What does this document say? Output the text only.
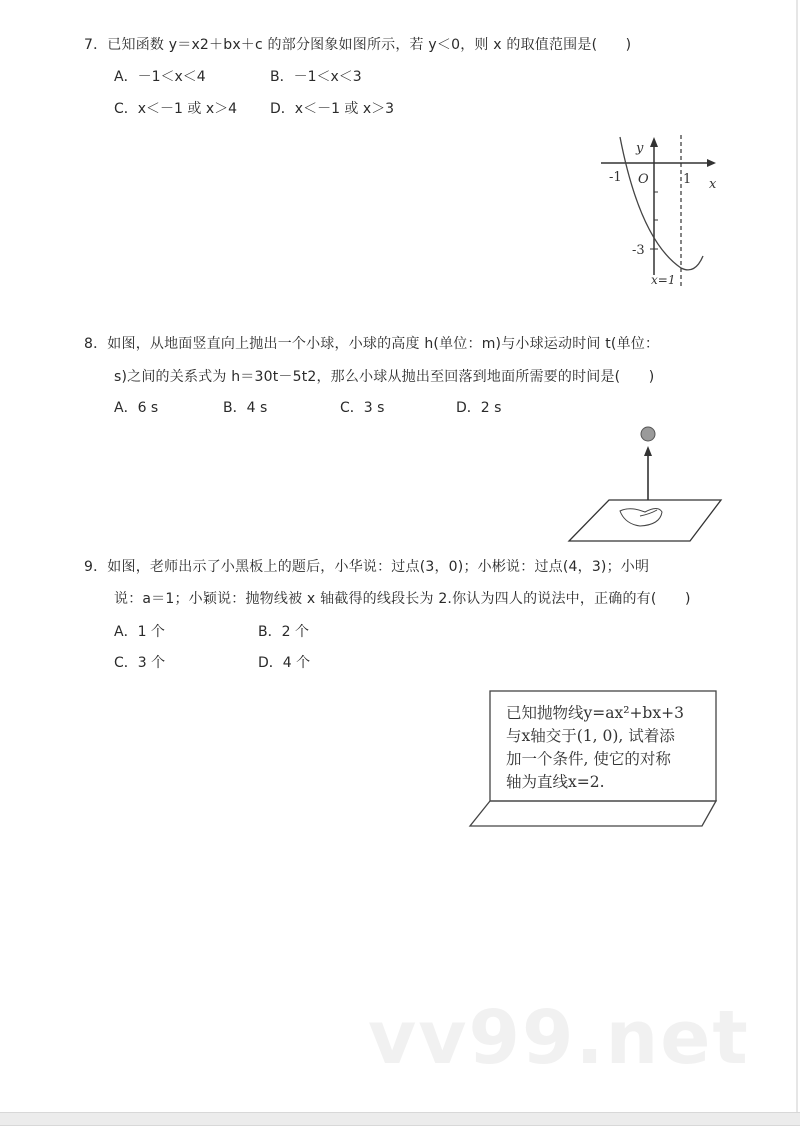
7．已知函数 y＝x2＋bx＋c 的部分图象如图所示，若 y＜0，则 x 的取值范围是(　　)
A．－1＜x＜4	B．－1＜x＜3
C．x＜－1 或 x＞4 D．x＜－1 或 x＞3
-1 O	1 x
y
-3
x=1
8．如图，从地面竖直向上抛出一个小球，小球的高度 h(单位：m)与小球运动时间 t(单位：
s)之间的关系式为 h＝30t－5t2，那么小球从抛出至回落到地面所需要的时间是(　　)
A．6 s	B．4 s	C．3 s	D．2 s
9．如图，老师出示了小黑板上的题后，小华说：过点(3，0)；小彬说：过点(4，3)；小明
说：a＝1；小颖说：抛物线被 x 轴截得的线段长为 2.你认为四人的说法中，正确的有(　　)
A．1 个	B．2 个
C．3 个	D．4 个
已知抛物线y=ax²+bx+3
与x轴交于(1, 0), 试着添
加一个条件, 使它的对称
轴为直线x=2.
vv99.net
